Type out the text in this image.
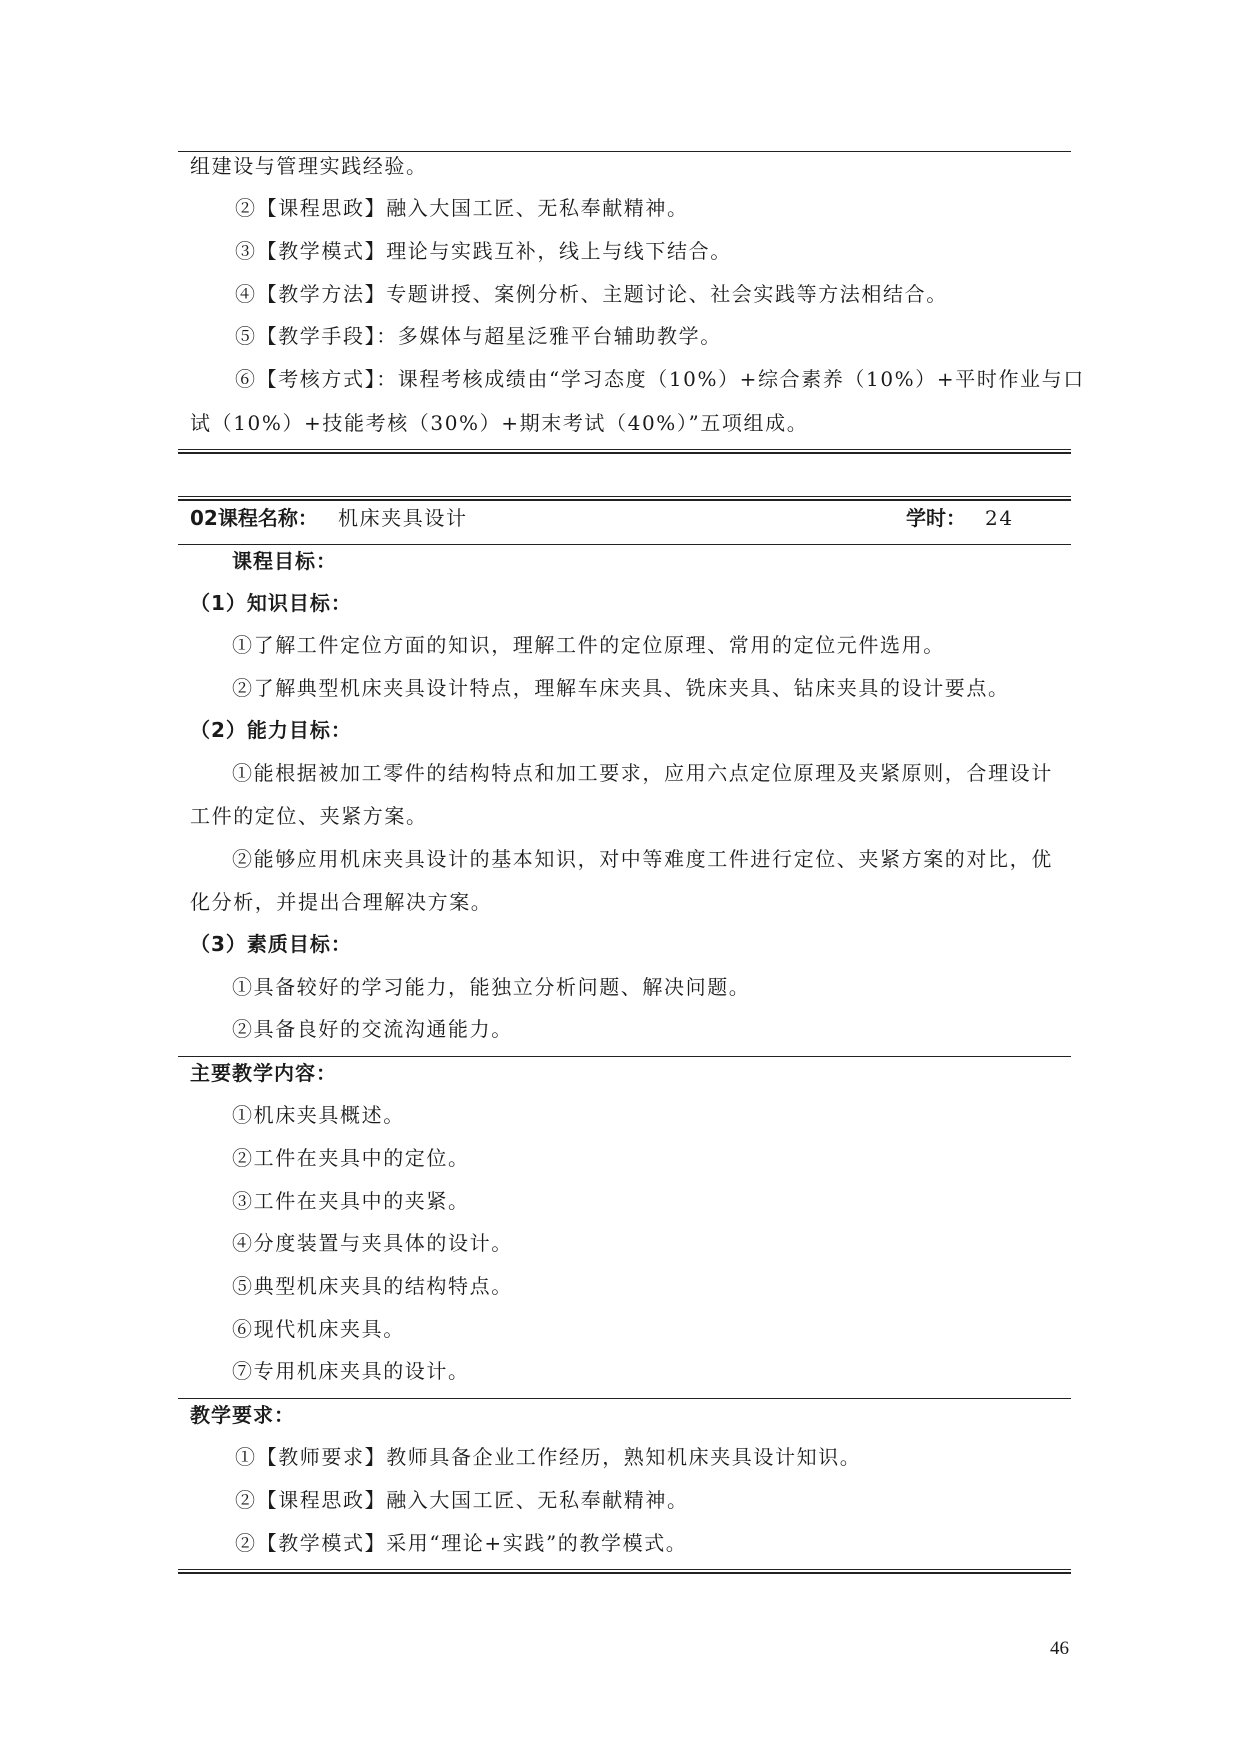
组建设与管理实践经验。
②【课程思政】融入大国工匠、无私奉献精神。
③【教学模式】理论与实践互补，线上与线下结合。
④【教学方法】专题讲授、案例分析、主题讨论、社会实践等方法相结合。
⑤【教学手段】：多媒体与超星泛雅平台辅助教学。
⑥【考核方式】：课程考核成绩由“学习态度（10%）+综合素养（10%）+平时作业与口
试（10%）+技能考核（30%）+期末考试（40%）”五项组成。
02课程名称： 机床夹具设计	学时： 24
课程目标：
（1）知识目标：
①了解工件定位方面的知识，理解工件的定位原理、常用的定位元件选用。
②了解典型机床夹具设计特点，理解车床夹具、铣床夹具、钻床夹具的设计要点。
（2）能力目标：
①能根据被加工零件的结构特点和加工要求，应用六点定位原理及夹紧原则，合理设计
工件的定位、夹紧方案。
②能够应用机床夹具设计的基本知识，对中等难度工件进行定位、夹紧方案的对比，优
化分析，并提出合理解决方案。
（3）素质目标：
①具备较好的学习能力，能独立分析问题、解决问题。
②具备良好的交流沟通能力。
主要教学内容：
①机床夹具概述。
②工件在夹具中的定位。
③工件在夹具中的夹紧。
④分度装置与夹具体的设计。
⑤典型机床夹具的结构特点。
⑥现代机床夹具。
⑦专用机床夹具的设计。
教学要求：
①【教师要求】教师具备企业工作经历，熟知机床夹具设计知识。
②【课程思政】融入大国工匠、无私奉献精神。
②【教学模式】采用“理论+实践”的教学模式。
46
